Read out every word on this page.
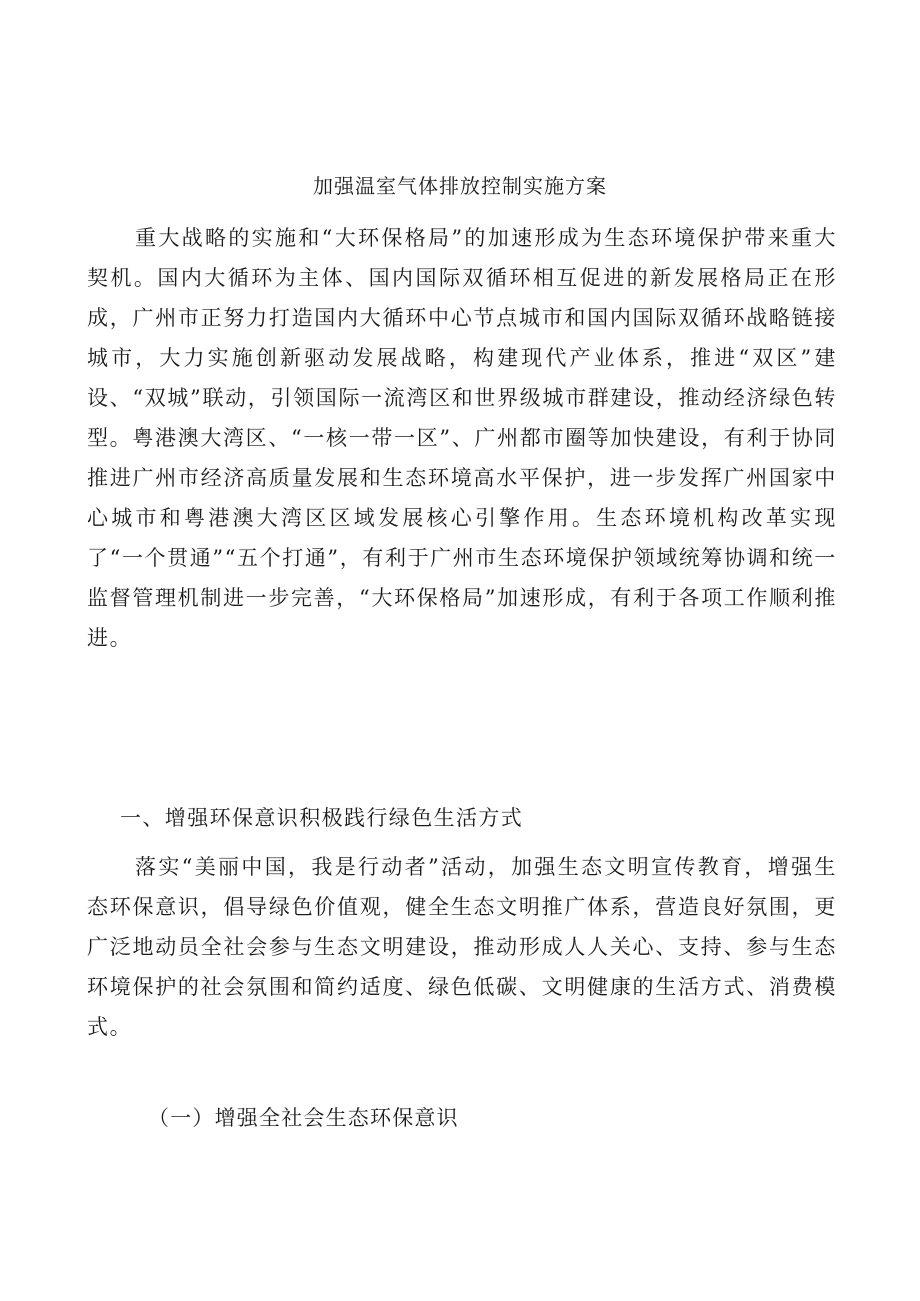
加强温室气体排放控制实施方案

重大战略的实施和“大环保格局”的加速形成为生态环境保护带来重大契机。国内大循环为主体、国内国际双循环相互促进的新发展格局正在形成，广州市正努力打造国内大循环中心节点城市和国内国际双循环战略链接城市，大力实施创新驱动发展战略，构建现代产业体系，推进“双区”建设、“双城”联动，引领国际一流湾区和世界级城市群建设，推动经济绿色转型。粤港澳大湾区、“一核一带一区”、广州都市圈等加快建设，有利于协同推进广州市经济高质量发展和生态环境高水平保护，进一步发挥广州国家中心城市和粤港澳大湾区区域发展核心引擎作用。生态环境机构改革实现了“一个贯通”“五个打通”，有利于广州市生态环境保护领域统筹协调和统一监督管理机制进一步完善，“大环保格局”加速形成，有利于各项工作顺利推进。

一、增强环保意识积极践行绿色生活方式

落实“美丽中国，我是行动者”活动，加强生态文明宣传教育，增强生态环保意识，倡导绿色价值观，健全生态文明推广体系，营造良好氛围，更广泛地动员全社会参与生态文明建设，推动形成人人关心、支持、参与生态环境保护的社会氛围和简约适度、绿色低碳、文明健康的生活方式、消费模式。

（一）增强全社会生态环保意识
